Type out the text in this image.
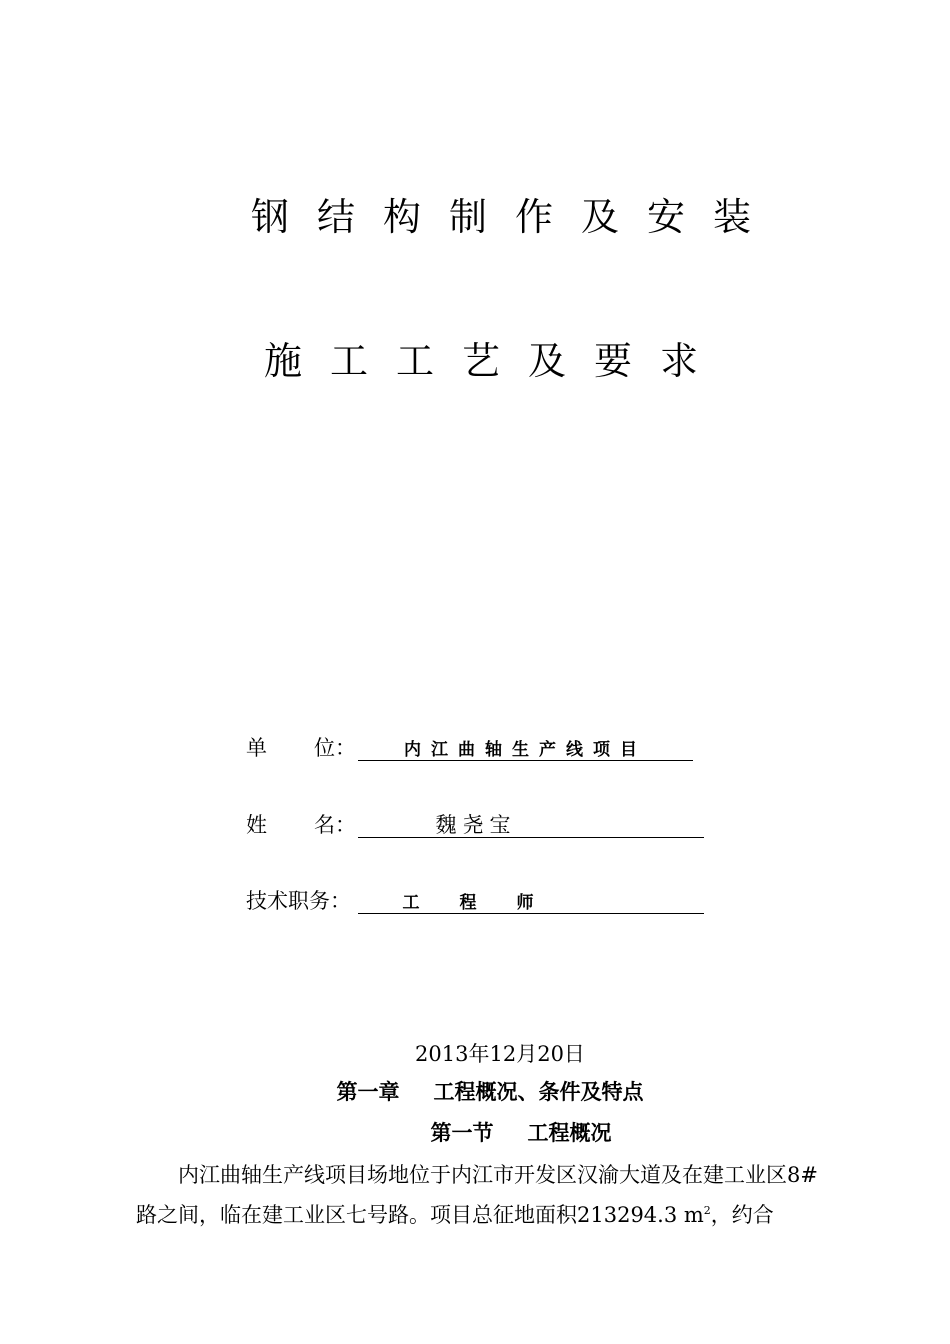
钢结构制作及安装
施工工艺及要求
单 位：	内江曲轴生产线项目
姓 名：	魏尧宝
技术职务：	工程师
2013年12月20日
第一章 工程概况、条件及特点
第一节 工程概况
内江曲轴生产线项目场地位于内江市开发区汉渝大道及在建工业区8#
路之间，临在建工业区七号路。项目总征地面积213294.3 $m^2$，约合
